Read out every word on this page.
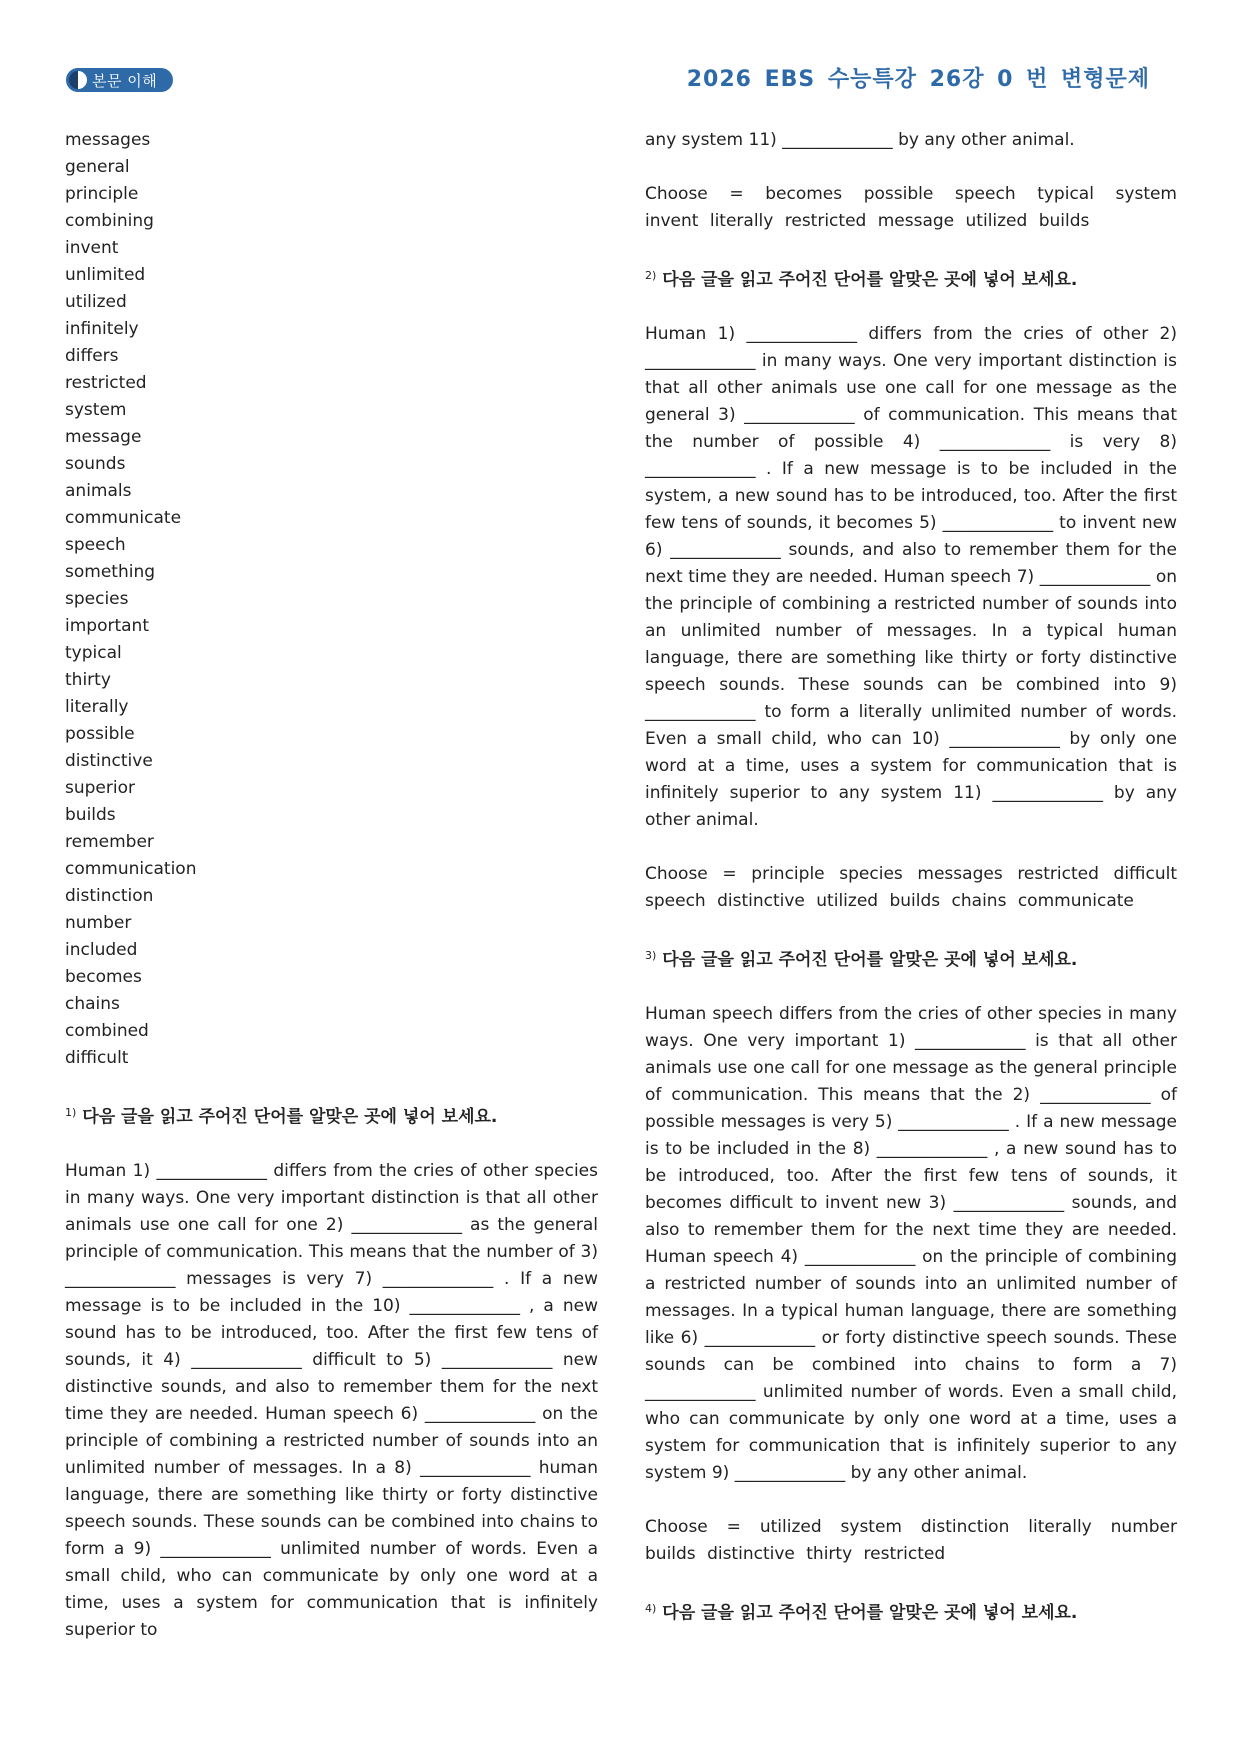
본문 이해	2026 EBS 수능특강 26강 0 번 변형문제
messages
general
principle
combining
invent
unlimited
utilized
infinitely
differs
restricted
system
message
sounds
animals
communicate
speech
something
species
important
typical
thirty
literally
possible
distinctive
superior
builds
remember
communication
distinction
number
included
becomes
chains
combined
difficult

$^{1)}$ 다음 글을 읽고 주어진 단어를 알맞은 곳에 넣어 보세요.

Human 1) _____________ differs from the cries of other species in many ways. One very important distinction is that all other animals use one call for one 2) _____________ as the general principle of communication. This means that the number of 3) _____________ messages is very 7) _____________ . If a new message is to be included in the 10) _____________ , a new sound has to be introduced, too. After the first few tens of sounds, it 4) _____________ difficult to 5) _____________ new distinctive sounds, and also to remember them for the next time they are needed. Human speech 6) _____________ on the principle of combining a restricted number of sounds into an unlimited number of messages. In a 8) _____________ human language, there are something like thirty or forty distinctive speech sounds. These sounds can be combined into chains to form a 9) _____________ unlimited number of words. Even a small child, who can communicate by only one word at a time, uses a system for communication that is infinitely superior to

any system 11) _____________ by any other animal.

Choose = becomes possible speech typical system invent literally restricted message utilized builds

$^{2)}$ 다음 글을 읽고 주어진 단어를 알맞은 곳에 넣어 보세요.

Human 1) _____________ differs from the cries of other 2) _____________ in many ways. One very important distinction is that all other animals use one call for one message as the general 3) _____________ of communication. This means that the number of possible 4) _____________ is very 8) _____________ . If a new message is to be included in the system, a new sound has to be introduced, too. After the first few tens of sounds, it becomes 5) _____________ to invent new 6) _____________ sounds, and also to remember them for the next time they are needed. Human speech 7) _____________ on the principle of combining a restricted number of sounds into an unlimited number of messages. In a typical human language, there are something like thirty or forty distinctive speech sounds. These sounds can be combined into 9) _____________ to form a literally unlimited number of words. Even a small child, who can 10) _____________ by only one word at a time, uses a system for communication that is infinitely superior to any system 11) _____________ by any other animal.

Choose = principle species messages restricted difficult speech distinctive utilized builds chains communicate

$^{3)}$ 다음 글을 읽고 주어진 단어를 알맞은 곳에 넣어 보세요.

Human speech differs from the cries of other species in many ways. One very important 1) _____________ is that all other animals use one call for one message as the general principle of communication. This means that the 2) _____________ of possible messages is very 5) _____________ . If a new message is to be included in the 8) _____________ , a new sound has to be introduced, too. After the first few tens of sounds, it becomes difficult to invent new 3) _____________ sounds, and also to remember them for the next time they are needed. Human speech 4) _____________ on the principle of combining a restricted number of sounds into an unlimited number of messages. In a typical human language, there are something like 6) _____________ or forty distinctive speech sounds. These sounds can be combined into chains to form a 7) _____________ unlimited number of words. Even a small child, who can communicate by only one word at a time, uses a system for communication that is infinitely superior to any system 9) _____________ by any other animal.

Choose = utilized system distinction literally number builds distinctive thirty restricted

$^{4)}$ 다음 글을 읽고 주어진 단어를 알맞은 곳에 넣어 보세요.
